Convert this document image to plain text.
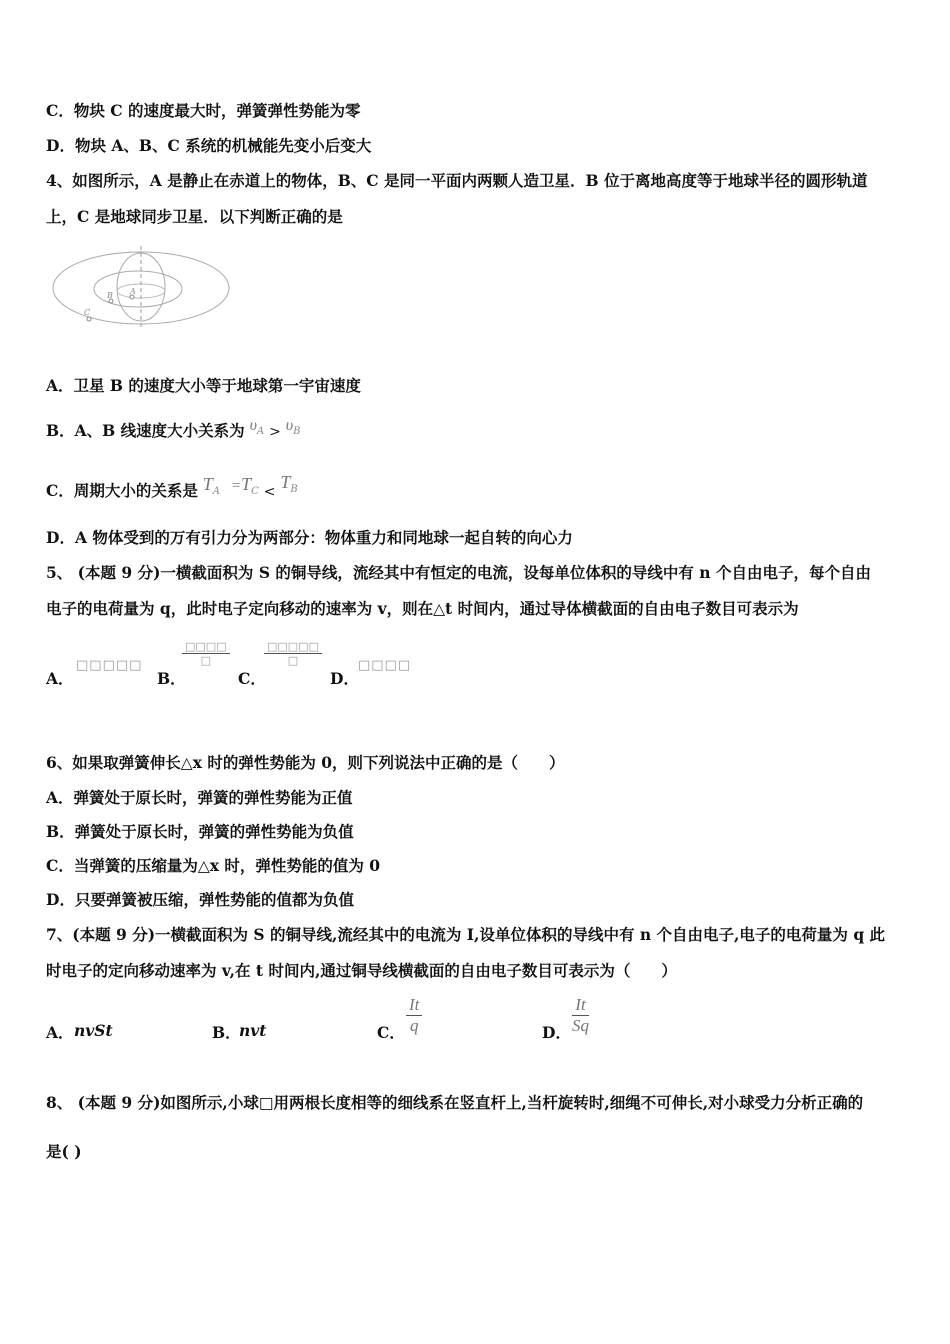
C．物块 C 的速度最大时，弹簧弹性势能为零
D．物块 A、B、C 系统的机械能先变小后变大
4、如图所示，A 是静止在赤道上的物体，B、C 是同一平面内两颗人造卫星．B 位于离地高度等于地球半径的圆形轨道
上，C 是地球同步卫星．以下判断正确的是
A
B
C
A．卫星 B 的速度大小等于地球第一宇宙速度
B．A、B 线速度大小关系为 $\upsilon_A > \upsilon_B$
C．周期大小的关系是 $T_A =T_C < T_B$
D．A 物体受到的万有引力分为两部分：物体重力和同地球一起自转的向心力
5、 (本题 9 分)一横截面积为 S 的铜导线，流经其中有恒定的电流，设每单位体积的导线中有 n 个自由电子，每个自由
电子的电荷量为 q，此时电子定向移动的速率为 v，则在△t 时间内，通过导体横截面的自由电子数目可表示为
A．
□□□□□
B．
$\frac{□□□□}{□}$
C．
$\frac{□□□□□}{□}$
D．
□□□□
6、如果取弹簧伸长△x 时的弹性势能为 0，则下列说法中正确的是（　　）
A．弹簧处于原长时，弹簧的弹性势能为正值
B．弹簧处于原长时，弹簧的弹性势能为负值
C．当弹簧的压缩量为△x 时，弹性势能的值为 0
D．只要弹簧被压缩，弹性势能的值都为负值
7、(本题 9 分)一横截面积为 S 的铜导线,流经其中的电流为 I,设单位体积的导线中有 n 个自由电子,电子的电荷量为 q 此
时电子的定向移动速率为 v,在 t 时间内,通过铜导线横截面的自由电子数目可表示为（　　）
A． nvSt	B．
nvt	C． $\frac{It}{q}$	D． $\frac{It}{Sq}$
8、 (本题 9 分)如图所示,小球□用两根长度相等的细线系在竖直杆上,当杆旋转时,细绳不可伸长,对小球受力分析正确的
是( )
